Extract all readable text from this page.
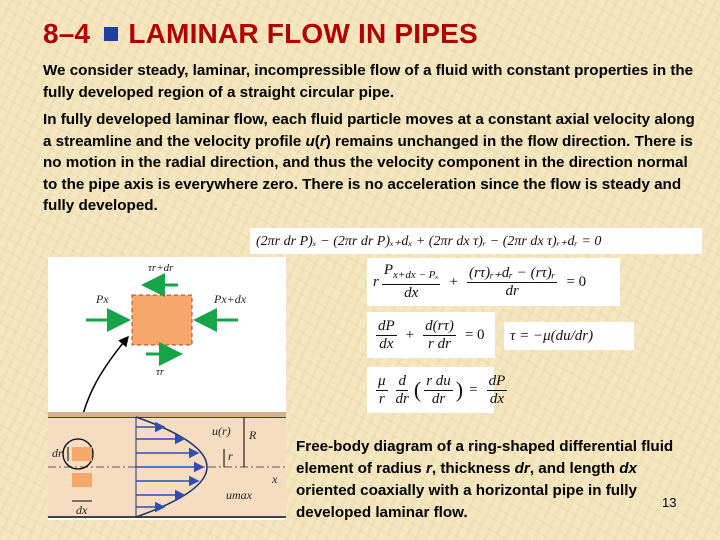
8–4 LAMINAR FLOW IN PIPES
We consider steady, laminar, incompressible flow of a fluid with constant properties in the fully developed region of a straight circular pipe.
In fully developed laminar flow, each fluid particle moves at a constant axial velocity along a streamline and the velocity profile u(r) remains unchanged in the flow direction. There is no motion in the radial direction, and thus the velocity component in the direction normal to the pipe axis is everywhere zero. There is no acceleration since the flow is steady and fully developed.
(2πr dr P)ₓ − (2πr dr P)ₓ₊dₓ + (2πr dx τ)ᵣ − (2πr dx τ)ᵣ₊dᵣ = 0
r $\frac{P_{x+dx - P_x}}{dx} + \frac{\text{(rτ)ᵣ₊dᵣ − (rτ)ᵣ}}{dr} = 0$
$\frac{dP}{dx} + \frac{d(r\tau)}{\text{r dr}} = 0$ τ = −μ(du/dr)
$\frac{\mu}{r} \frac{d}{dr}$ ( $\frac{\text{r du}}{dr}$ ) = $\frac{dP}{dx}$
τr+dr
Px	Px+dx
τr
u(r) R
r
x
umax
dr
dx
Free-body diagram of a ring-shaped differential fluid element of radius r, thickness dr, and length dx oriented coaxially with a horizontal pipe in fully developed laminar flow.
13
